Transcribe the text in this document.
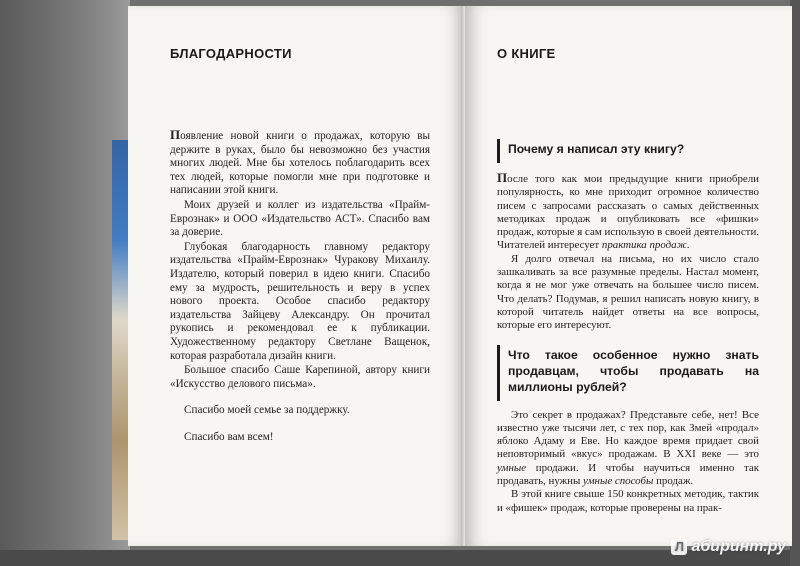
БЛАГОДАРНОСТИ

Появление новой книги о продажах, которую вы держите в руках, было бы невозможно без участия многих людей. Мне бы хотелось поблагодарить всех тех людей, которые помогли мне при подготовке и написании этой книги.

Моих друзей и коллег из издательства «Прайм-Еврознак» и ООО «Издательство АСТ». Спасибо вам за доверие.

Глубокая благодарность главному редактору издательства «Прайм-Еврознак» Чуракову Михаилу. Издателю, который поверил в идею книги. Спасибо ему за мудрость, решительность и веру в успех нового проекта. Особое спасибо редактору издательства Зайцеву Александру. Он прочитал рукопись и рекомендовал ее к публикации. Художественному редактору Светлане Ващенок, которая разработала дизайн книги.

Большое спасибо Саше Карепиной, автору книги «Искусство делового письма».

Спасибо моей семье за поддержку.

Спасибо вам всем!

О КНИГЕ
Почему я написал эту книгу?

После того как мои предыдущие книги приобрели популярность, ко мне приходит огромное количество писем с запросами рассказать о самых действенных методиках продаж и опубликовать все «фишки» продаж, которые я сам использую в своей деятельности. Читателей интересует практика продаж.

Я долго отвечал на письма, но их число стало зашкаливать за все разумные пределы. Настал момент, когда я не мог уже отвечать на большее число писем. Что делать? Подумав, я решил написать новую книгу, в которой читатель найдет ответы на все вопросы, которые его интересуют.

Что такое особенное нужно знать продавцам, чтобы продавать на миллионы рублей?

Это секрет в продажах? Представьте себе, нет! Все известно уже тысячи лет, с тех пор, как Змей «продал» яблоко Адаму и Еве. Но каждое время придает свой неповторимый «вкус» продажам. В XXI веке — это умные продажи. И чтобы научиться именно так продавать, нужны умные способы продаж.

В этой книге свыше 150 конкретных методик, тактик и «фишек» продаж, которые проверены на прак-

Л абиринт.ру
